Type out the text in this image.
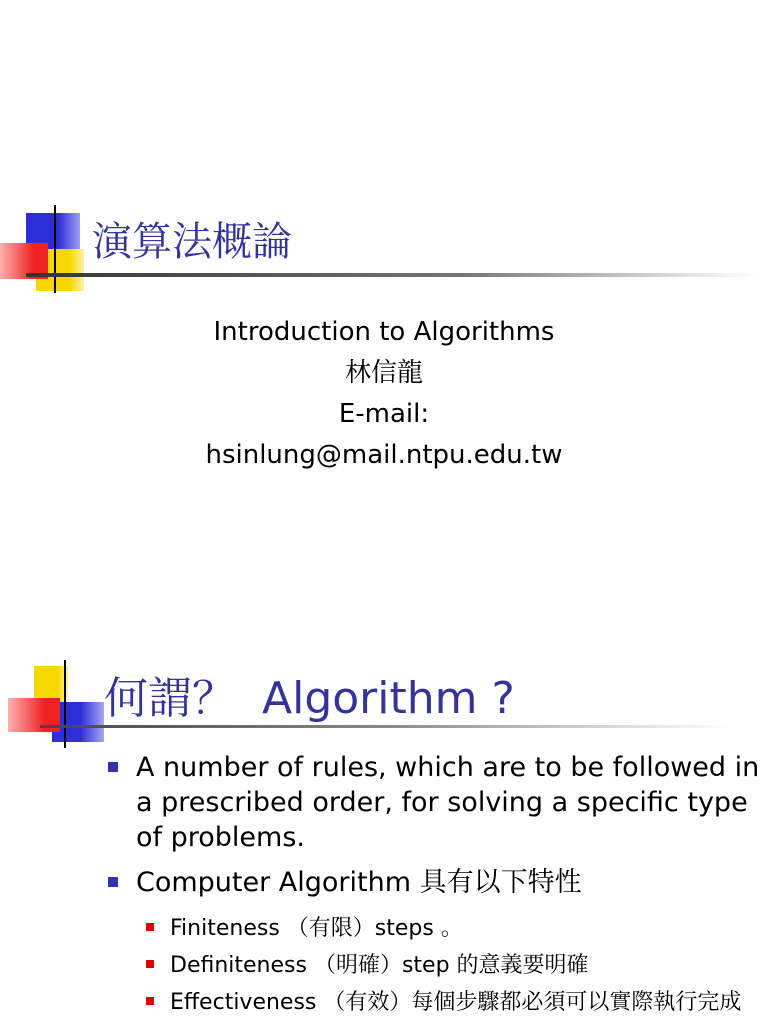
演算法概論
Introduction to Algorithms
林信龍
E-mail:
hsinlung@mail.ntpu.edu.tw
何謂？ Algorithm ?
A number of rules, which are to be followed in a prescribed order, for solving a specific type of problems.
Computer Algorithm 具有以下特性
Finiteness （有限）steps 。
Definiteness （明確）step 的意義要明確
Effectiveness （有效）每個步驟都必須可以實際執行完成
